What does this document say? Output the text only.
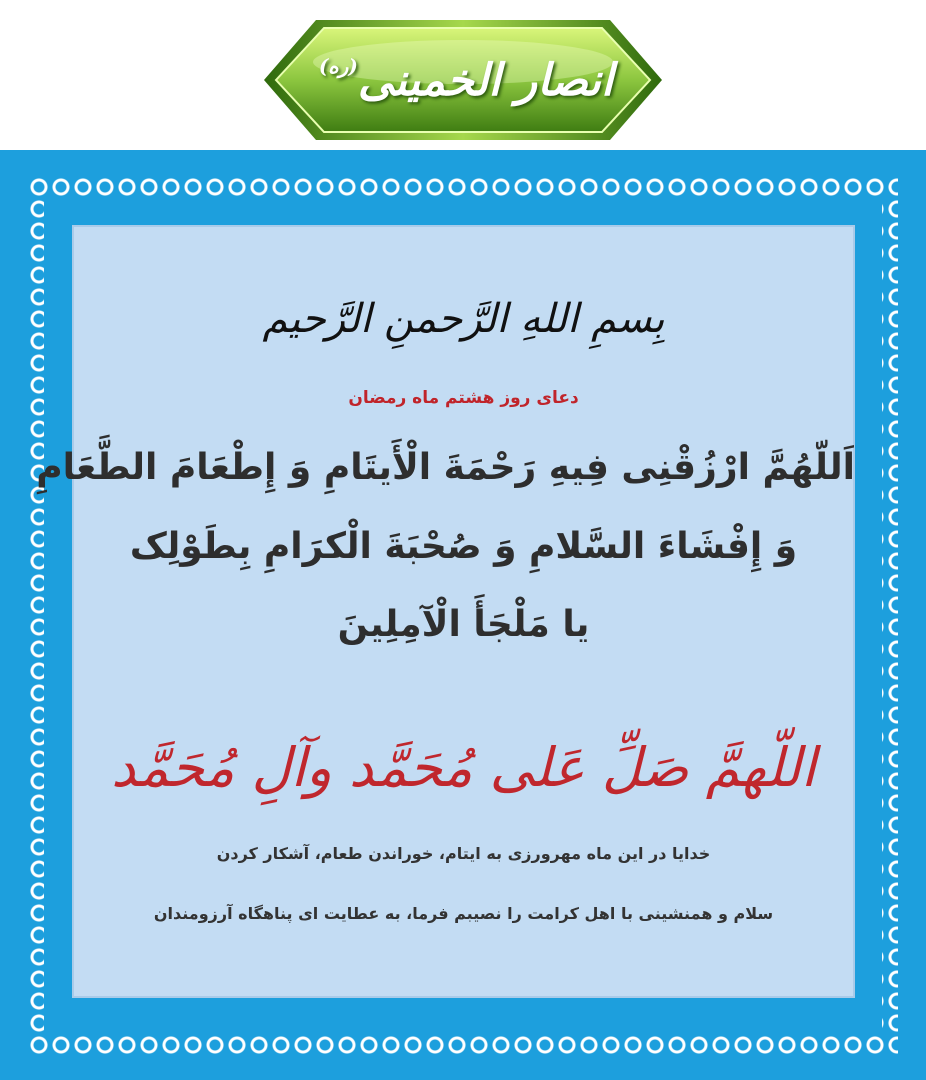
انصار الخمینی
(ره)
بِسمِ اللهِ الرَّحمنِ الرَّحیم
دعای روز هشتم ماه رمضان
اَللّهُمَّ ارْزُقْنِی فِیهِ رَحْمَةَ الْأَیتَامِ وَ إِطْعَامَ الطَّعَامِ
وَ إِفْشَاءَ السَّلامِ وَ صُحْبَةَ الْکرَامِ بِطَوْلِک
یا مَلْجَأَ الْآمِلِینَ
اللّهمَّ صَلِّ عَلی مُحَمَّد وآلِ مُحَمَّد
خدایا در این ماه مهرورزی به ایتام، خوراندن طعام، آشکار کردن
سلام و همنشینی با اهل کرامت را نصیبم فرما، به عطایت ای پناهگاه آرزومندان
